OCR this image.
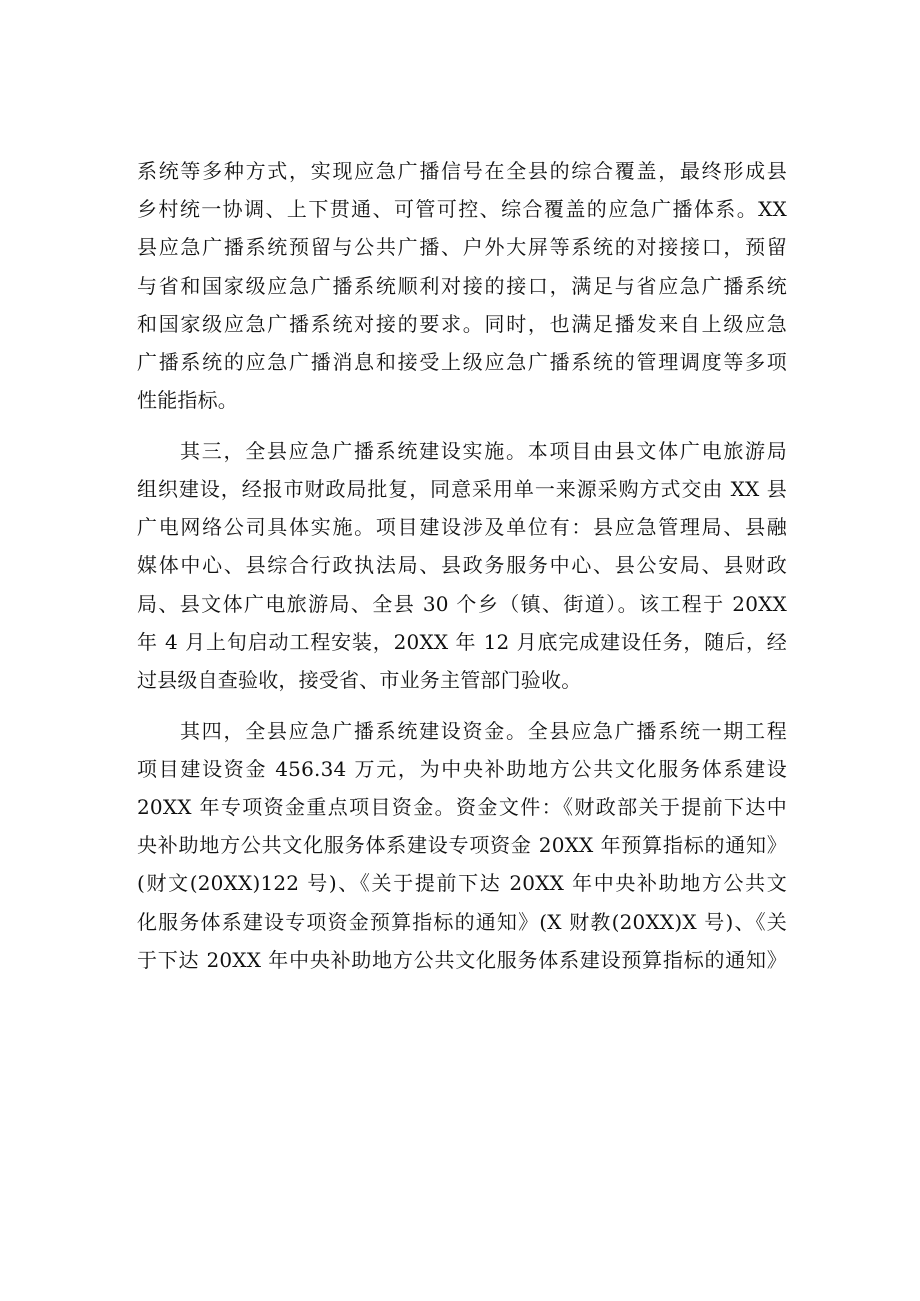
系统等多种方式，实现应急广播信号在全县的综合覆盖，最终形成县
乡村统一协调、上下贯通、可管可控、综合覆盖的应急广播体系。XX
县应急广播系统预留与公共广播、户外大屏等系统的对接接口，预留
与省和国家级应急广播系统顺利对接的接口，满足与省应急广播系统
和国家级应急广播系统对接的要求。同时，也满足播发来自上级应急
广播系统的应急广播消息和接受上级应急广播系统的管理调度等多项
性能指标。
其三，全县应急广播系统建设实施。本项目由县文体广电旅游局
组织建设，经报市财政局批复，同意采用单一来源采购方式交由 XX 县
广电网络公司具体实施。项目建设涉及单位有：县应急管理局、县融
媒体中心、县综合行政执法局、县政务服务中心、县公安局、县财政
局、县文体广电旅游局、全县 30 个乡（镇、街道）。该工程于 20XX
年 4 月上旬启动工程安装，20XX 年 12 月底完成建设任务，随后，经
过县级自查验收，接受省、市业务主管部门验收。
其四，全县应急广播系统建设资金。全县应急广播系统一期工程
项目建设资金 456.34 万元，为中央补助地方公共文化服务体系建设
20XX 年专项资金重点项目资金。资金文件：《财政部关于提前下达中
央补助地方公共文化服务体系建设专项资金 20XX 年预算指标的通知》
(财文(20XX)122 号)、《关于提前下达 20XX 年中央补助地方公共文
化服务体系建设专项资金预算指标的通知》(X 财教(20XX)X 号)、《关
于下达 20XX 年中央补助地方公共文化服务体系建设预算指标的通知》
